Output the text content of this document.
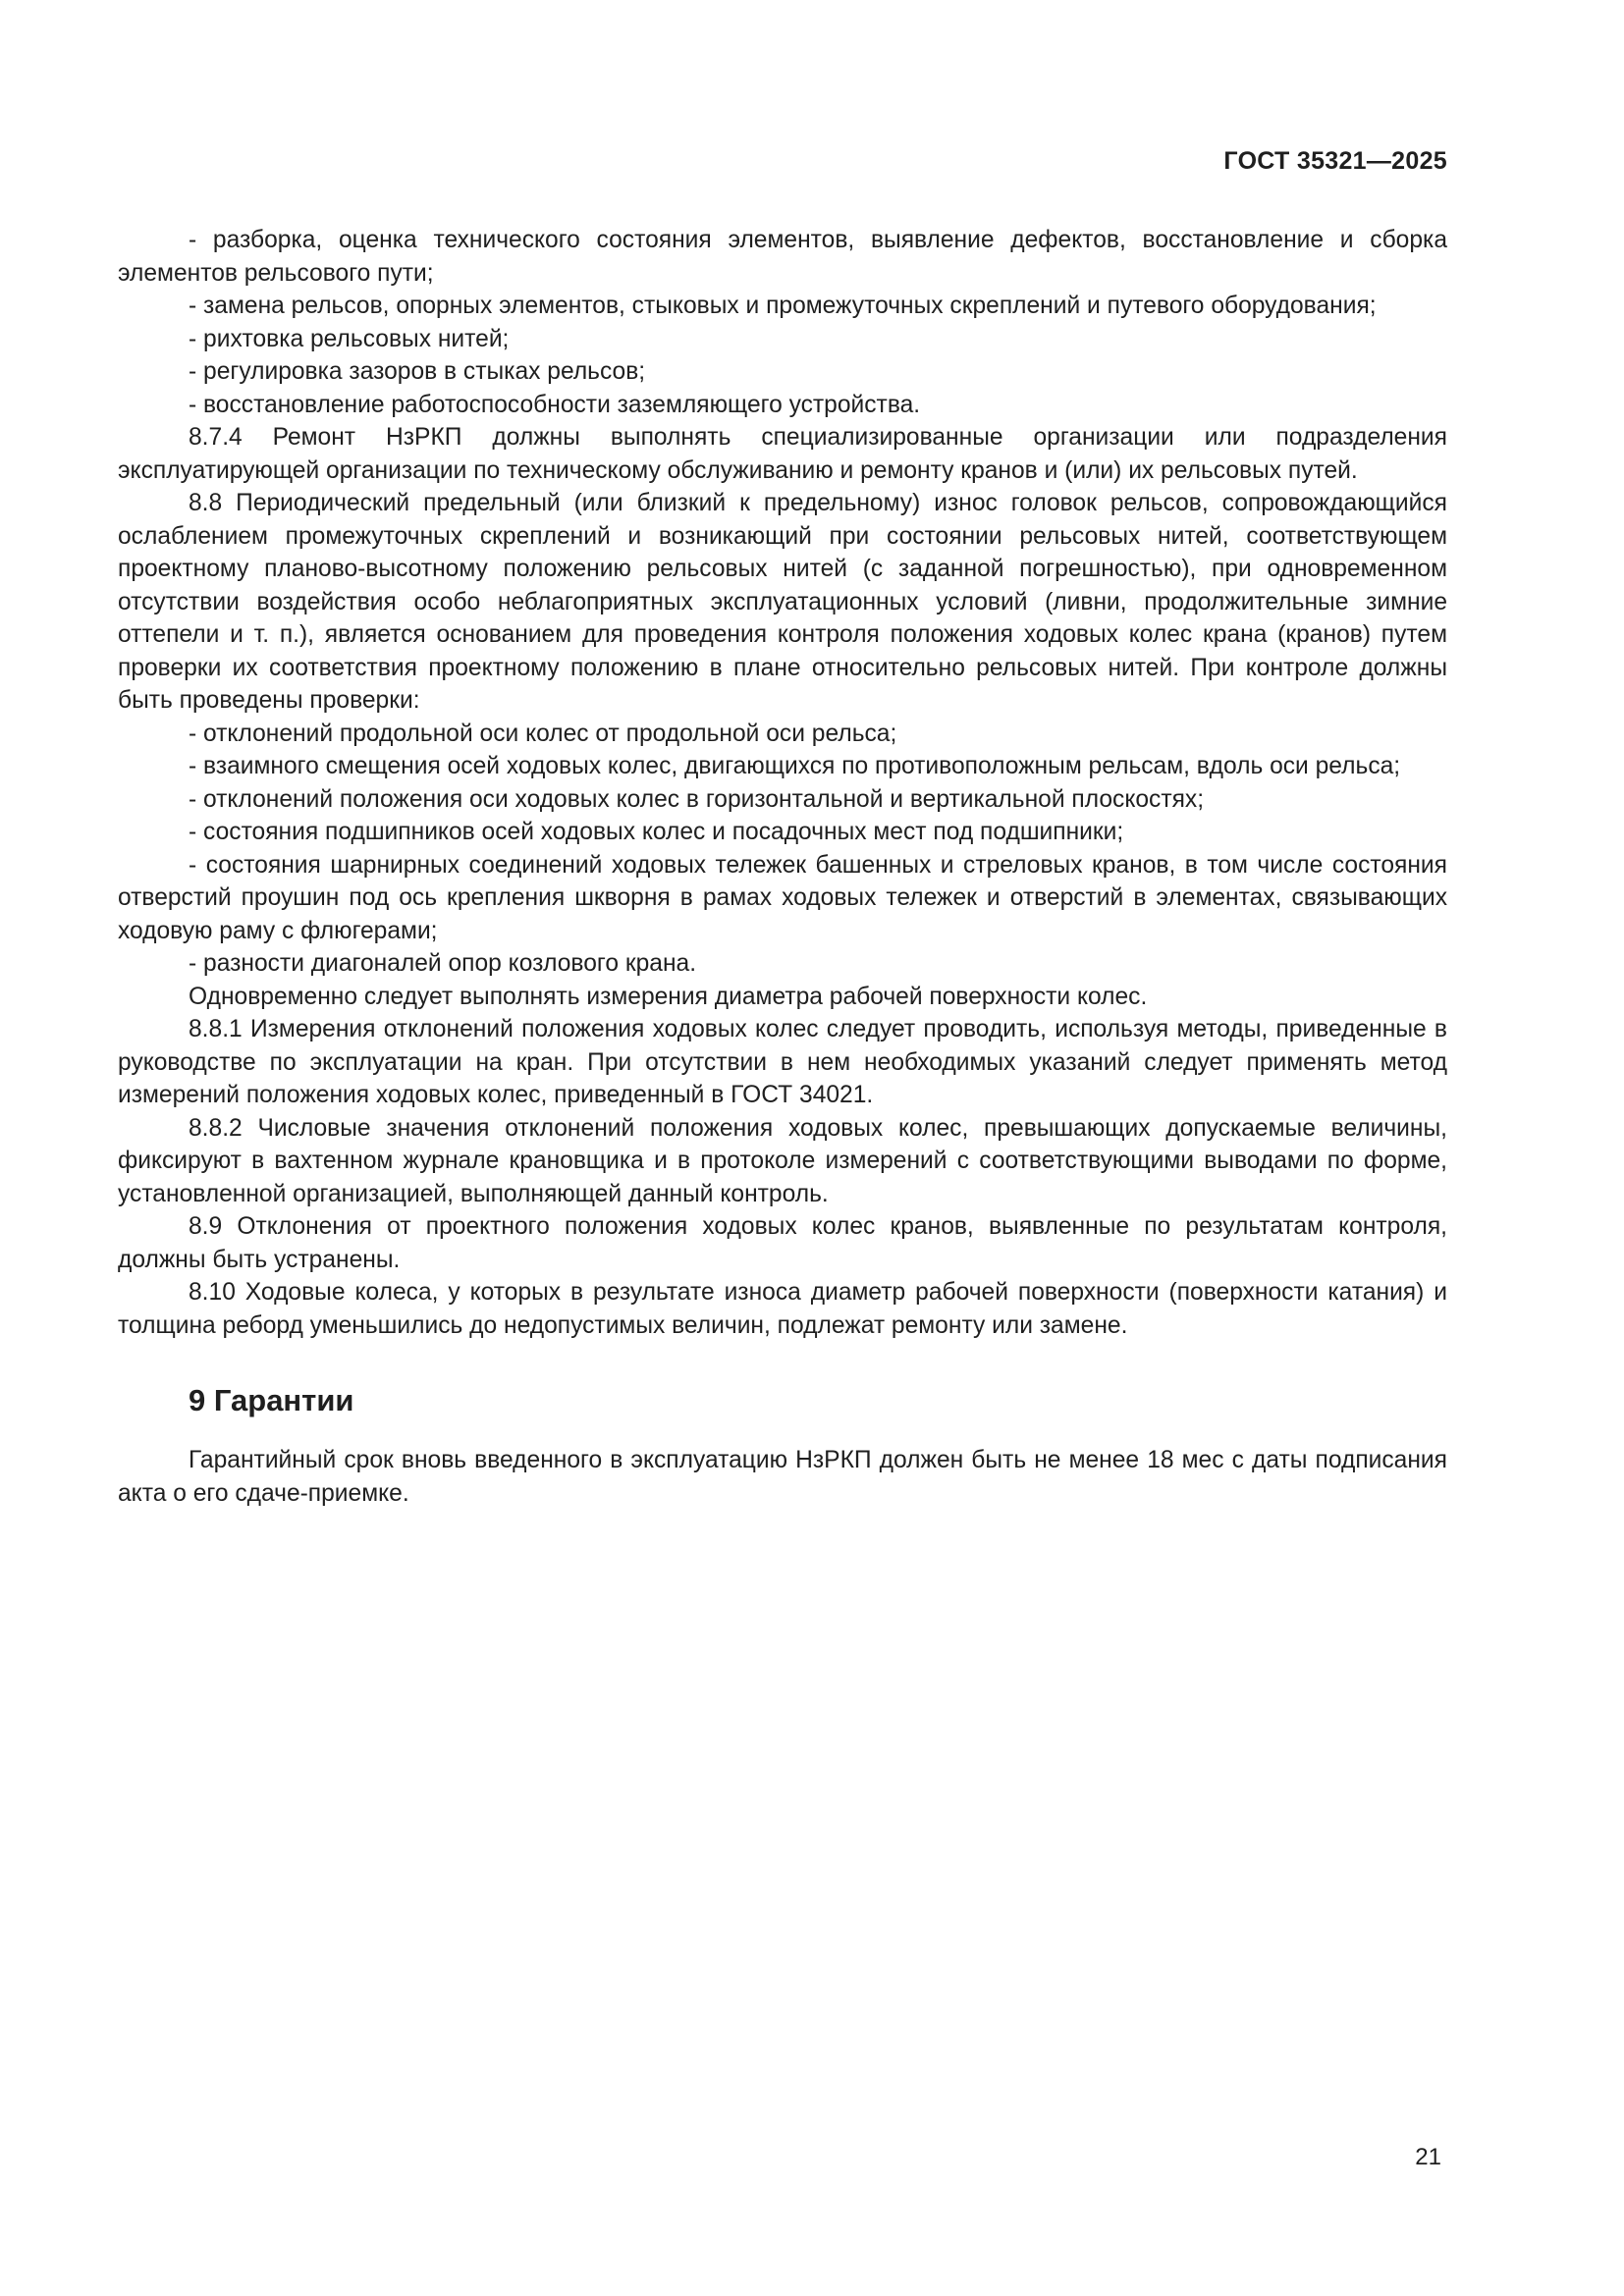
ГОСТ 35321—2025

- разборка, оценка технического состояния элементов, выявление дефектов, восстановление и сборка элементов рельсового пути;

- замена рельсов, опорных элементов, стыковых и промежуточных скреплений и путевого оборудования;

- рихтовка рельсовых нитей;

- регулировка зазоров в стыках рельсов;

- восстановление работоспособности заземляющего устройства.

8.7.4 Ремонт НзРКП должны выполнять специализированные организации или подразделения эксплуатирующей организации по техническому обслуживанию и ремонту кранов и (или) их рельсовых путей.

8.8 Периодический предельный (или близкий к предельному) износ головок рельсов, сопровождающийся ослаблением промежуточных скреплений и возникающий при состоянии рельсовых нитей, соответствующем проектному планово-высотному положению рельсовых нитей (с заданной погрешностью), при одновременном отсутствии воздействия особо неблагоприятных эксплуатационных условий (ливни, продолжительные зимние оттепели и т. п.), является основанием для проведения контроля положения ходовых колес крана (кранов) путем проверки их соответствия проектному положению в плане относительно рельсовых нитей. При контроле должны быть проведены проверки:

- отклонений продольной оси колес от продольной оси рельса;

- взаимного смещения осей ходовых колес, двигающихся по противоположным рельсам, вдоль оси рельса;

- отклонений положения оси ходовых колес в горизонтальной и вертикальной плоскостях;

- состояния подшипников осей ходовых колес и посадочных мест под подшипники;

- состояния шарнирных соединений ходовых тележек башенных и стреловых кранов, в том числе состояния отверстий проушин под ось крепления шкворня в рамах ходовых тележек и отверстий в элементах, связывающих ходовую раму с флюгерами;

- разности диагоналей опор козлового крана.

Одновременно следует выполнять измерения диаметра рабочей поверхности колес.

8.8.1 Измерения отклонений положения ходовых колес следует проводить, используя методы, приведенные в руководстве по эксплуатации на кран. При отсутствии в нем необходимых указаний следует применять метод измерений положения ходовых колес, приведенный в ГОСТ 34021.

8.8.2 Числовые значения отклонений положения ходовых колес, превышающих допускаемые величины, фиксируют в вахтенном журнале крановщика и в протоколе измерений с соответствующими выводами по форме, установленной организацией, выполняющей данный контроль.

8.9 Отклонения от проектного положения ходовых колес кранов, выявленные по результатам контроля, должны быть устранены.

8.10 Ходовые колеса, у которых в результате износа диаметр рабочей поверхности (поверхности катания) и толщина реборд уменьшились до недопустимых величин, подлежат ремонту или замене.

9 Гарантии

Гарантийный срок вновь введенного в эксплуатацию НзРКП должен быть не менее 18 мес с даты подписания акта о его сдаче-приемке.

21
